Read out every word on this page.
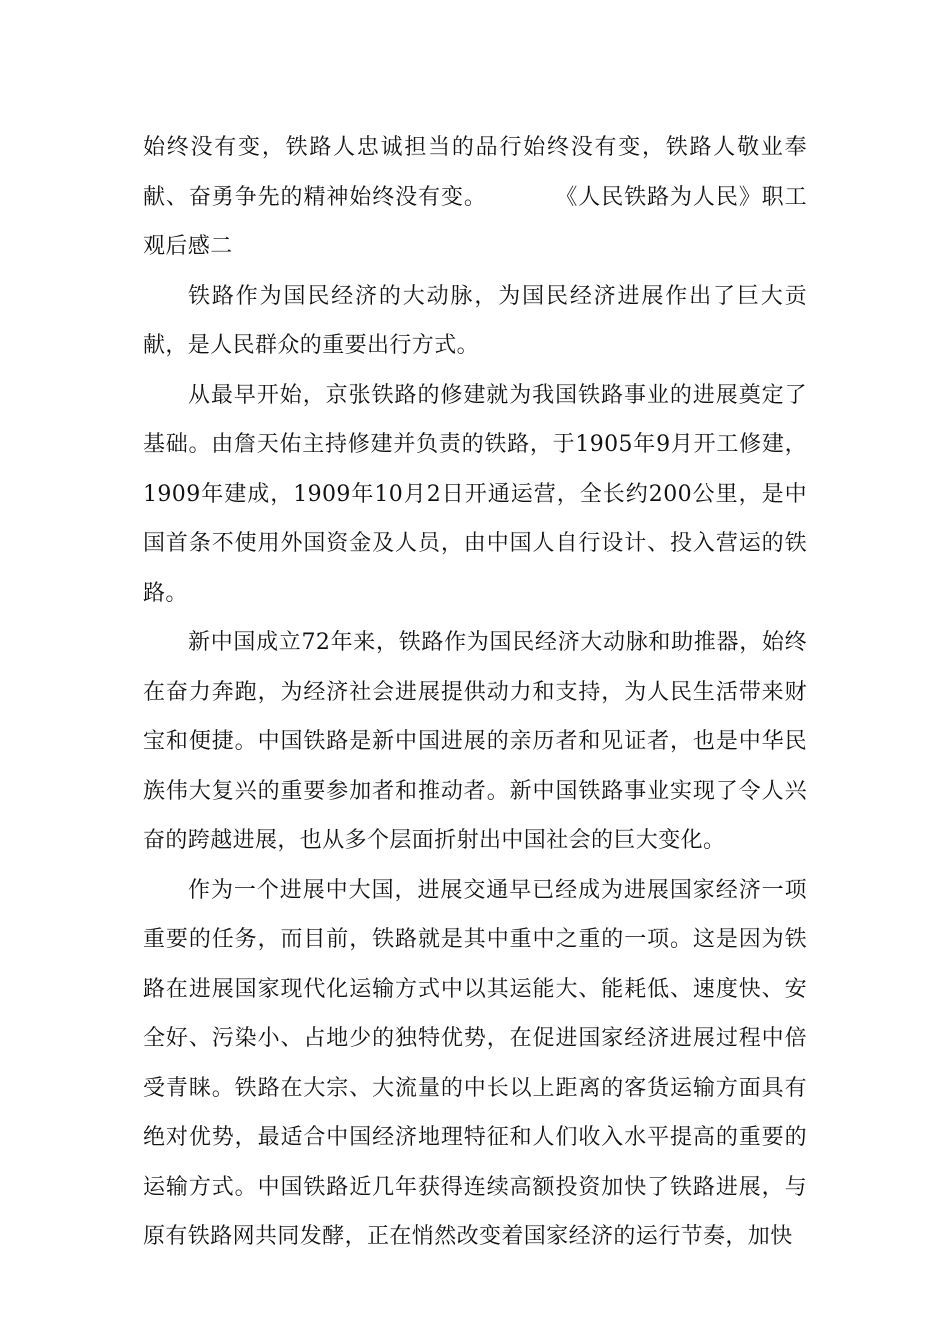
始终没有变，铁路人忠诚担当的品行始终没有变，铁路人敬业奉献、奋勇争先的精神始终没有变。	《人民铁路为人民》职工观后感二

铁路作为国民经济的大动脉，为国民经济进展作出了巨大贡献，是人民群众的重要出行方式。

从最早开始，京张铁路的修建就为我国铁路事业的进展奠定了基础。由詹天佑主持修建并负责的铁路，于1905年9月开工修建，1909年建成，1909年10月2日开通运营，全长约200公里，是中国首条不使用外国资金及人员，由中国人自行设计、投入营运的铁路。

新中国成立72年来，铁路作为国民经济大动脉和助推器，始终在奋力奔跑，为经济社会进展提供动力和支持，为人民生活带来财宝和便捷。中国铁路是新中国进展的亲历者和见证者，也是中华民族伟大复兴的重要参加者和推动者。新中国铁路事业实现了令人兴奋的跨越进展，也从多个层面折射出中国社会的巨大变化。

作为一个进展中大国，进展交通早已经成为进展国家经济一项重要的任务，而目前，铁路就是其中重中之重的一项。这是因为铁路在进展国家现代化运输方式中以其运能大、能耗低、速度快、安全好、污染小、占地少的独特优势，在促进国家经济进展过程中倍受青睐。铁路在大宗、大流量的中长以上距离的客货运输方面具有绝对优势，最适合中国经济地理特征和人们收入水平提高的重要的运输方式。中国铁路近几年获得连续高额投资加快了铁路进展，与原有铁路网共同发酵，正在悄然改变着国家经济的运行节奏，加快
